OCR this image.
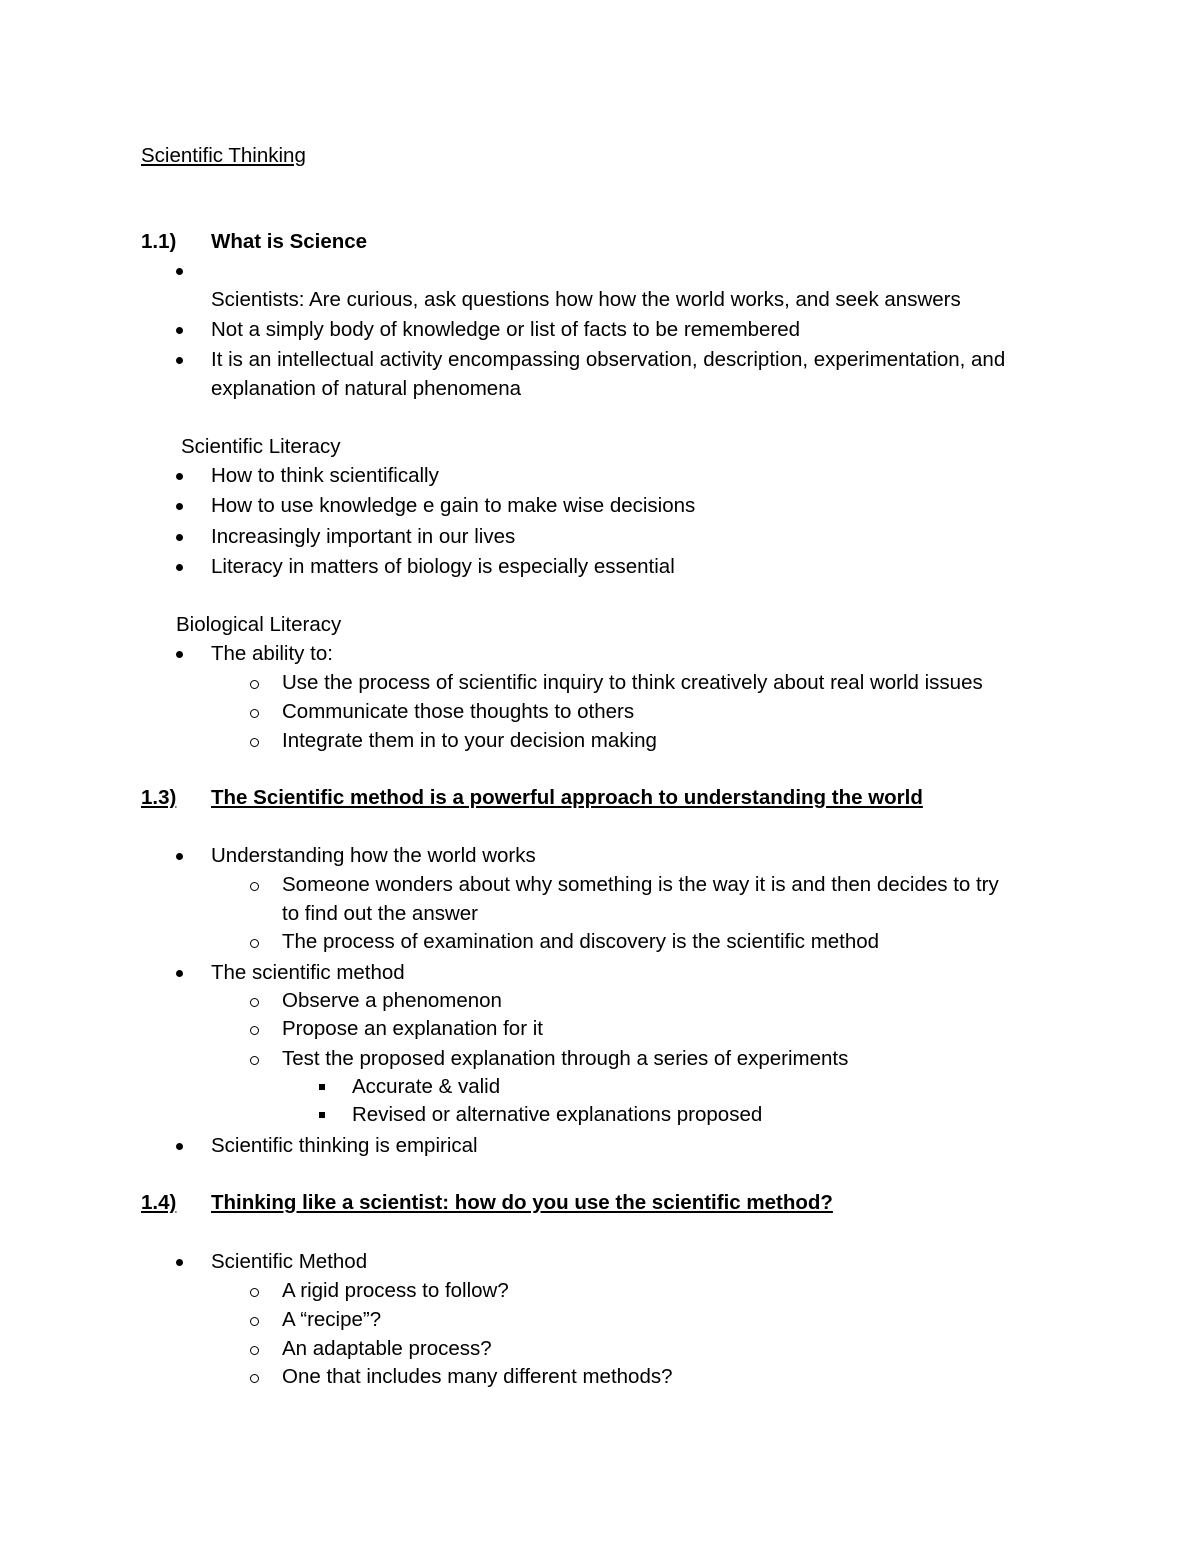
Scientific Thinking
1.1) What is Science
Scientists: Are curious, ask questions how how the world works, and seek answers
Not a simply body of knowledge or list of facts to be remembered
It is an intellectual activity encompassing observation, description, experimentation, and
explanation of natural phenomena
Scientific Literacy
How to think scientifically
How to use knowledge e gain to make wise decisions
Increasingly important in our lives
Literacy in matters of biology is especially essential
Biological Literacy
The ability to:
Use the process of scientific inquiry to think creatively about real world issues
Communicate those thoughts to others
Integrate them in to your decision making
1.3) The Scientific method is a powerful approach to understanding the world
Understanding how the world works
Someone wonders about why something is the way it is and then decides to try
to find out the answer
The process of examination and discovery is the scientific method
The scientific method
Observe a phenomenon
Propose an explanation for it
Test the proposed explanation through a series of experiments
Accurate & valid
Revised or alternative explanations proposed
Scientific thinking is empirical
1.4) Thinking like a scientist: how do you use the scientific method?
Scientific Method
A rigid process to follow?
A “recipe”?
An adaptable process?
One that includes many different methods?
